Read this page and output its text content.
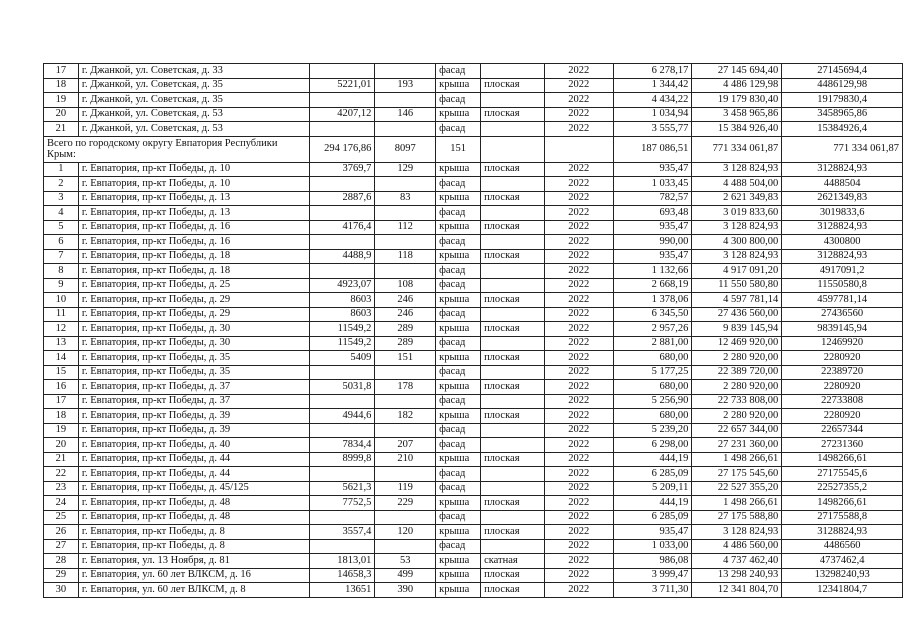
17	г. Джанкой, ул. Советская, д. 33			фасад		2022	6 278,17	27 145 694,40	27145694,4
18	г. Джанкой, ул. Советская, д. 35	5221,01	193	крыша	плоская	2022	1 344,42	4 486 129,98	4486129,98
19	г. Джанкой, ул. Советская, д. 35			фасад		2022	4 434,22	19 179 830,40	19179830,4
20	г. Джанкой, ул. Советская, д. 53	4207,12	146	крыша	плоская	2022	1 034,94	3 458 965,86	3458965,86
21	г. Джанкой, ул. Советская, д. 53			фасад		2022	3 555,77	15 384 926,40	15384926,4
Всего по городскому округу Евпатория Республики Крым:		294 176,86	8097	151			187 086,51	771 334 061,87	771 334 061,87
1	г. Евпатория, пр-кт Победы, д. 10	3769,7	129	крыша	плоская	2022	935,47	3 128 824,93	3128824,93
2	г. Евпатория, пр-кт Победы, д. 10			фасад		2022	1 033,45	4 488 504,00	4488504
3	г. Евпатория, пр-кт Победы, д. 13	2887,6	83	крыша	плоская	2022	782,57	2 621 349,83	2621349,83
4	г. Евпатория, пр-кт Победы, д. 13			фасад		2022	693,48	3 019 833,60	3019833,6
5	г. Евпатория, пр-кт Победы, д. 16	4176,4	112	крыша	плоская	2022	935,47	3 128 824,93	3128824,93
6	г. Евпатория, пр-кт Победы, д. 16			фасад		2022	990,00	4 300 800,00	4300800
7	г. Евпатория, пр-кт Победы, д. 18	4488,9	118	крыша	плоская	2022	935,47	3 128 824,93	3128824,93
8	г. Евпатория, пр-кт Победы, д. 18			фасад		2022	1 132,66	4 917 091,20	4917091,2
9	г. Евпатория, пр-кт Победы, д. 25	4923,07	108	фасад		2022	2 668,19	11 550 580,80	11550580,8
10	г. Евпатория, пр-кт Победы, д. 29	8603	246	крыша	плоская	2022	1 378,06	4 597 781,14	4597781,14
11	г. Евпатория, пр-кт Победы, д. 29	8603	246	фасад		2022	6 345,50	27 436 560,00	27436560
12	г. Евпатория, пр-кт Победы, д. 30	11549,2	289	крыша	плоская	2022	2 957,26	9 839 145,94	9839145,94
13	г. Евпатория, пр-кт Победы, д. 30	11549,2	289	фасад		2022	2 881,00	12 469 920,00	12469920
14	г. Евпатория, пр-кт Победы, д. 35	5409	151	крыша	плоская	2022	680,00	2 280 920,00	2280920
15	г. Евпатория, пр-кт Победы, д. 35			фасад		2022	5 177,25	22 389 720,00	22389720
16	г. Евпатория, пр-кт Победы, д. 37	5031,8	178	крыша	плоская	2022	680,00	2 280 920,00	2280920
17	г. Евпатория, пр-кт Победы, д. 37			фасад		2022	5 256,90	22 733 808,00	22733808
18	г. Евпатория, пр-кт Победы, д. 39	4944,6	182	крыша	плоская	2022	680,00	2 280 920,00	2280920
19	г. Евпатория, пр-кт Победы, д. 39			фасад		2022	5 239,20	22 657 344,00	22657344
20	г. Евпатория, пр-кт Победы, д. 40	7834,4	207	фасад		2022	6 298,00	27 231 360,00	27231360
21	г. Евпатория, пр-кт Победы, д. 44	8999,8	210	крыша	плоская	2022	444,19	1 498 266,61	1498266,61
22	г. Евпатория, пр-кт Победы, д. 44			фасад		2022	6 285,09	27 175 545,60	27175545,6
23	г. Евпатория, пр-кт Победы, д. 45/125	5621,3	119	фасад		2022	5 209,11	22 527 355,20	22527355,2
24	г. Евпатория, пр-кт Победы, д. 48	7752,5	229	крыша	плоская	2022	444,19	1 498 266,61	1498266,61
25	г. Евпатория, пр-кт Победы, д. 48			фасад		2022	6 285,09	27 175 588,80	27175588,8
26	г. Евпатория, пр-кт Победы, д. 8	3557,4	120	крыша	плоская	2022	935,47	3 128 824,93	3128824,93
27	г. Евпатория, пр-кт Победы, д. 8			фасад		2022	1 033,00	4 486 560,00	4486560
28	г. Евпатория, ул. 13 Ноября, д. 81	1813,01	53	крыша	скатная	2022	986,08	4 737 462,40	4737462,4
29	г. Евпатория, ул. 60 лет ВЛКСМ, д. 16	14658,3	499	крыша	плоская	2022	3 999,47	13 298 240,93	13298240,93
30	г. Евпатория, ул. 60 лет ВЛКСМ, д. 8	13651	390	крыша	плоская	2022	3 711,30	12 341 804,70	12341804,7
